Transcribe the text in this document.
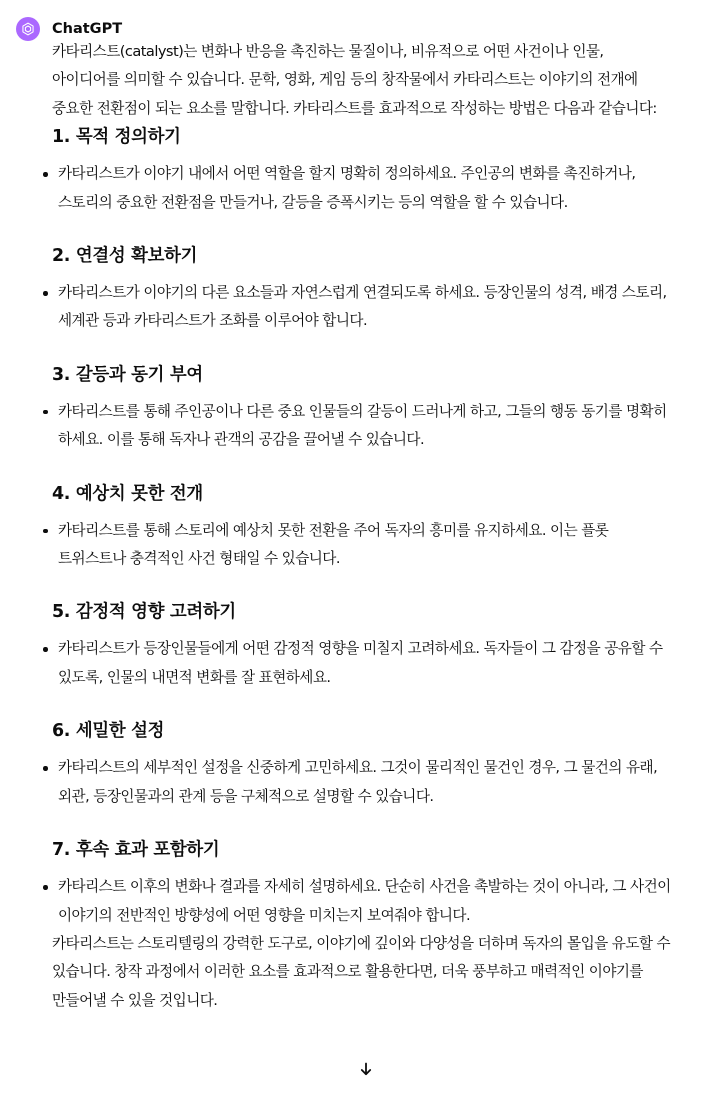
ChatGPT

카타리스트(catalyst)는 변화나 반응을 촉진하는 물질이나, 비유적으로 어떤 사건이나 인물, 아이디어를 의미할 수 있습니다. 문학, 영화, 게임 등의 창작물에서 카타리스트는 이야기의 전개에 중요한 전환점이 되는 요소를 말합니다. 카타리스트를 효과적으로 작성하는 방법은 다음과 같습니다:

1. 목적 정의하기
카타리스트가 이야기 내에서 어떤 역할을 할지 명확히 정의하세요. 주인공의 변화를 촉진하거나, 스토리의 중요한 전환점을 만들거나, 갈등을 증폭시키는 등의 역할을 할 수 있습니다.
2. 연결성 확보하기
카타리스트가 이야기의 다른 요소들과 자연스럽게 연결되도록 하세요. 등장인물의 성격, 배경 스토리, 세계관 등과 카타리스트가 조화를 이루어야 합니다.
3. 갈등과 동기 부여
카타리스트를 통해 주인공이나 다른 중요 인물들의 갈등이 드러나게 하고, 그들의 행동 동기를 명확히 하세요. 이를 통해 독자나 관객의 공감을 끌어낼 수 있습니다.
4. 예상치 못한 전개
카타리스트를 통해 스토리에 예상치 못한 전환을 주어 독자의 흥미를 유지하세요. 이는 플롯 트위스트나 충격적인 사건 형태일 수 있습니다.
5. 감정적 영향 고려하기
카타리스트가 등장인물들에게 어떤 감정적 영향을 미칠지 고려하세요. 독자들이 그 감정을 공유할 수 있도록, 인물의 내면적 변화를 잘 표현하세요.
6. 세밀한 설정
카타리스트의 세부적인 설정을 신중하게 고민하세요. 그것이 물리적인 물건인 경우, 그 물건의 유래, 외관, 등장인물과의 관계 등을 구체적으로 설명할 수 있습니다.
7. 후속 효과 포함하기
카타리스트 이후의 변화나 결과를 자세히 설명하세요. 단순히 사건을 촉발하는 것이 아니라, 그 사건이 이야기의 전반적인 방향성에 어떤 영향을 미치는지 보여줘야 합니다.

카타리스트는 스토리텔링의 강력한 도구로, 이야기에 깊이와 다양성을 더하며 독자의 몰입을 유도할 수 있습니다. 창작 과정에서 이러한 요소를 효과적으로 활용한다면, 더욱 풍부하고 매력적인 이야기를 만들어낼 수 있을 것입니다.
